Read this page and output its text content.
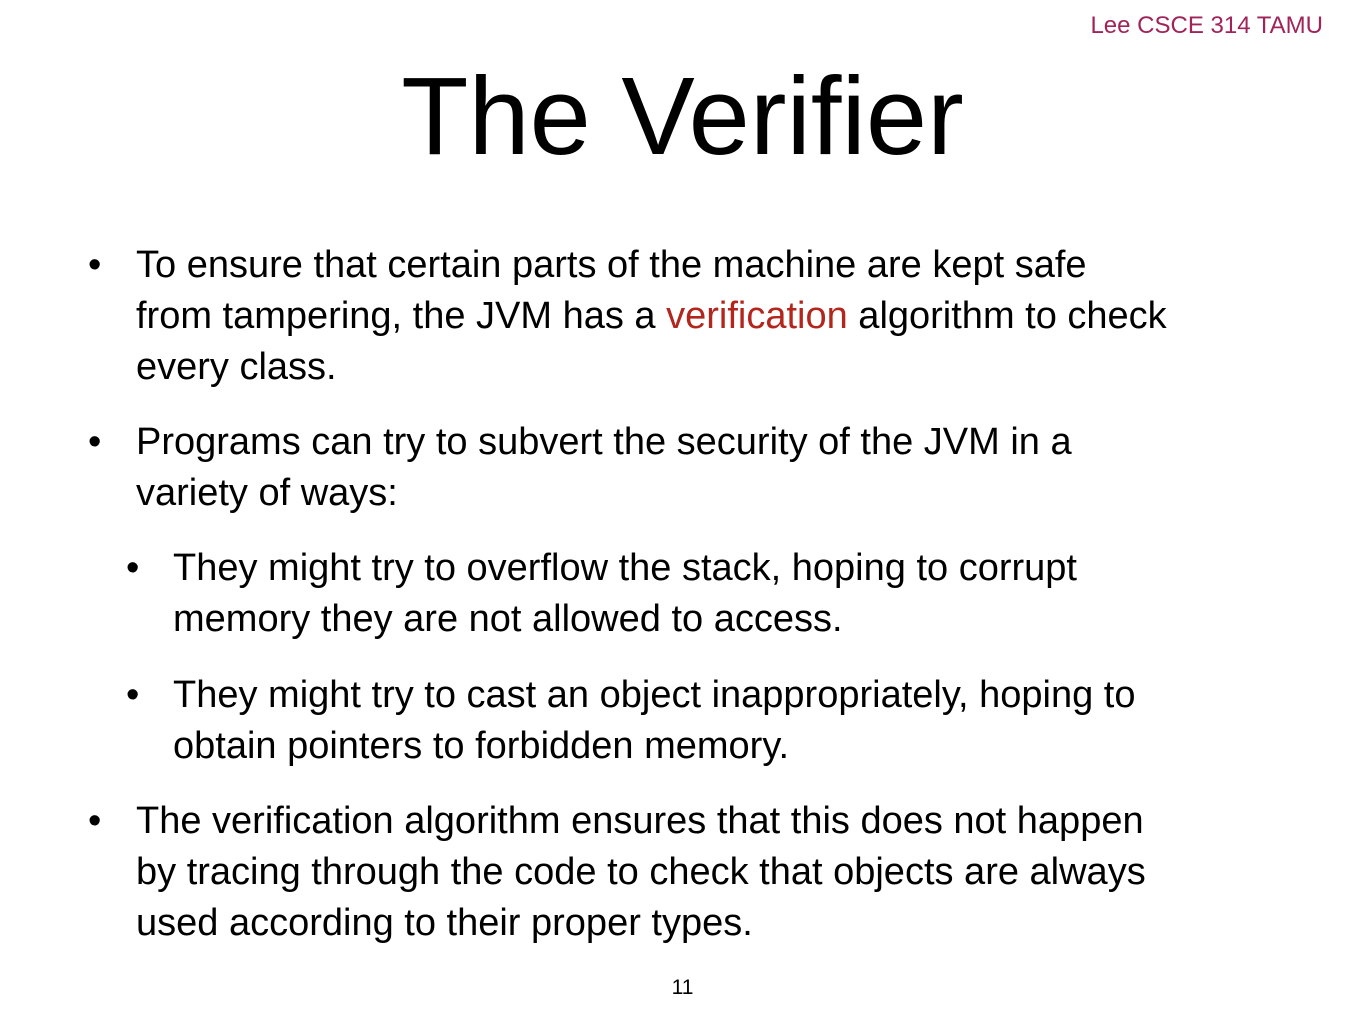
Lee CSCE 314 TAMU
The Verifier
• To ensure that certain parts of the machine are kept safe
from tampering, the JVM has a verification algorithm to check
every class.
• Programs can try to subvert the security of the JVM in a
variety of ways:
• They might try to overflow the stack, hoping to corrupt
memory they are not allowed to access.
• They might try to cast an object inappropriately, hoping to
obtain pointers to forbidden memory.
• The verification algorithm ensures that this does not happen
by tracing through the code to check that objects are always
used according to their proper types.
11
